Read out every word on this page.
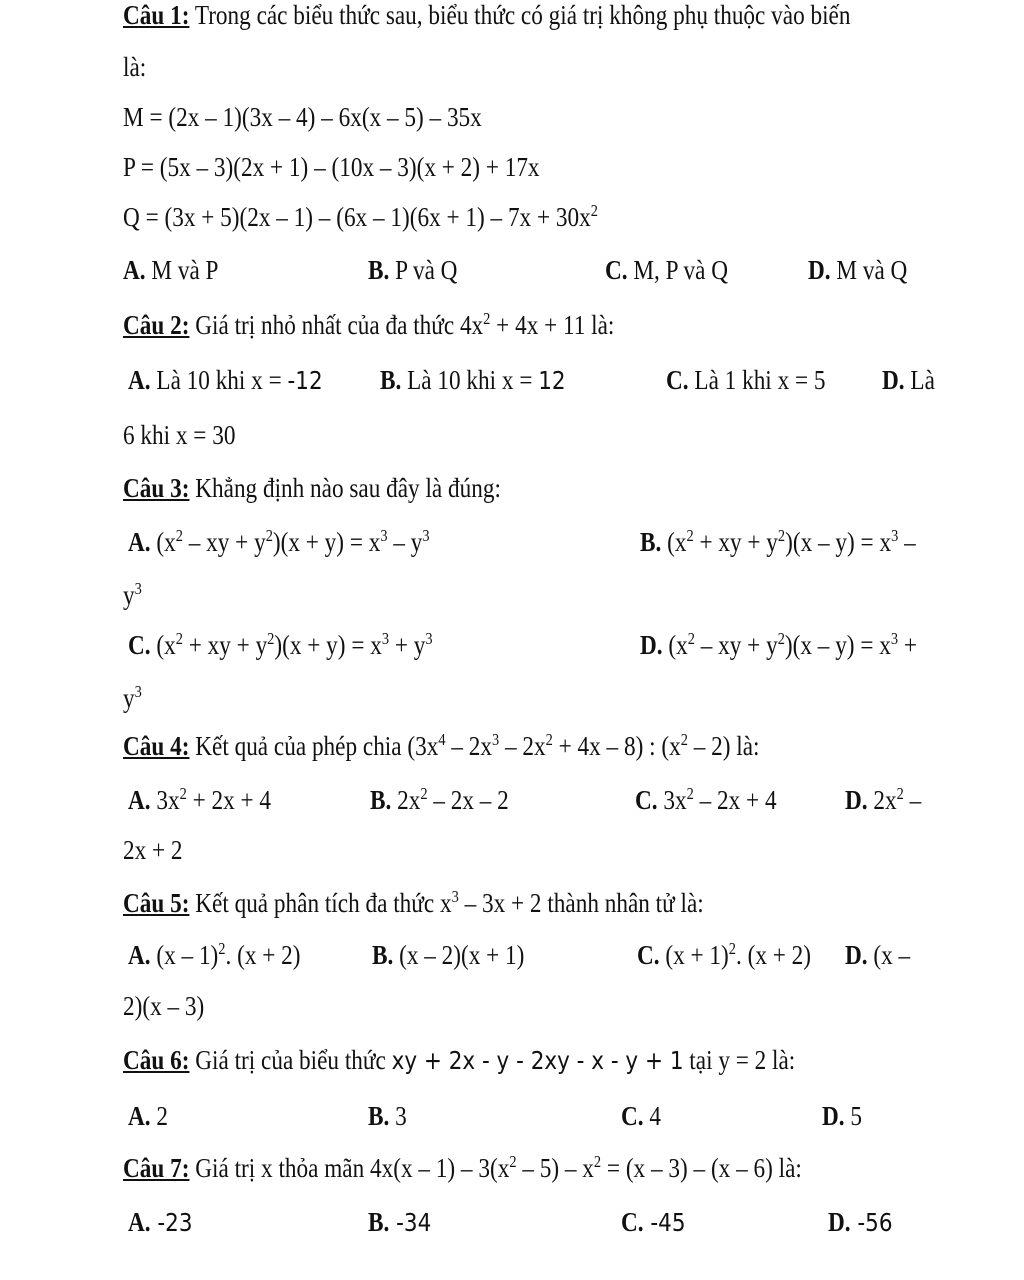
Câu 1: Trong các biểu thức sau, biểu thức có giá trị không phụ thuộc vào biến
là:
M = (2x – 1)(3x – 4) – 6x(x – 5) – 35x
P = (5x – 3)(2x + 1) – (10x – 3)(x + 2) + 17x
$Q = (3x + 5)(2x - 1) - (6x - 1)(6x + 1) - 7x + 30x^2$
A. M và P	B. P và Q	C. M, P và Q	D. M và Q
Câu 2: Giá trị nhỏ nhất của đa thức $4x^2 + 4x + 11$ là:
A. Là 10 khi x = -12 B. Là 10 khi x = 12	C. Là 1 khi x = 5 D. Là
6 khi x = 30
Câu 3: Khẳng định nào sau đây là đúng:
A. ($x^2$ – xy + $y^2)(x + y) = x^3 - y^3$	B. ($x^2$ + xy + $y^2)(x - y) = x^3$ –
$y^3$
C. ($x^2$ + xy + $y^2)(x + y) = x^3 + y^3$	D. ($x^2$ – xy + $y^2)(x - y) = x^3$ +
$y^3$
Câu 4: Kết quả của phép chia $(3x^4 - 2x^3 - 2x^2 + 4x - 8)$ : $(x^2 - 2)$ là:
A. $3x^2 + 2x + 4$	B. $2x^2 - 2x - 2$	C. $3x^2 - 2x + 4$	D. $2x^2$ –
2x + 2
Câu 5: Kết quả phân tích đa thức $x^3 - 3x + 2$ thành nhân tử là:
A. (x – 1)$^2$. (x + 2)	B. (x – 2)(x + 1)	C. $(x + 1)^2$. (x + 2) D. (x –
2)(x – 3)
Câu 6: Giá trị của biểu thức xy + 2x - y - 2xy - x - y + 1 tại y = 2 là:
A. 2	B. 3	C. 4	D. 5
Câu 7: Giá trị x thỏa mãn $4x(x - 1) - 3(x^2 - 5) - x^2 = (x - 3) - (x - 6)$ là:
A. -23	B. -34	C. -45	D. -56
